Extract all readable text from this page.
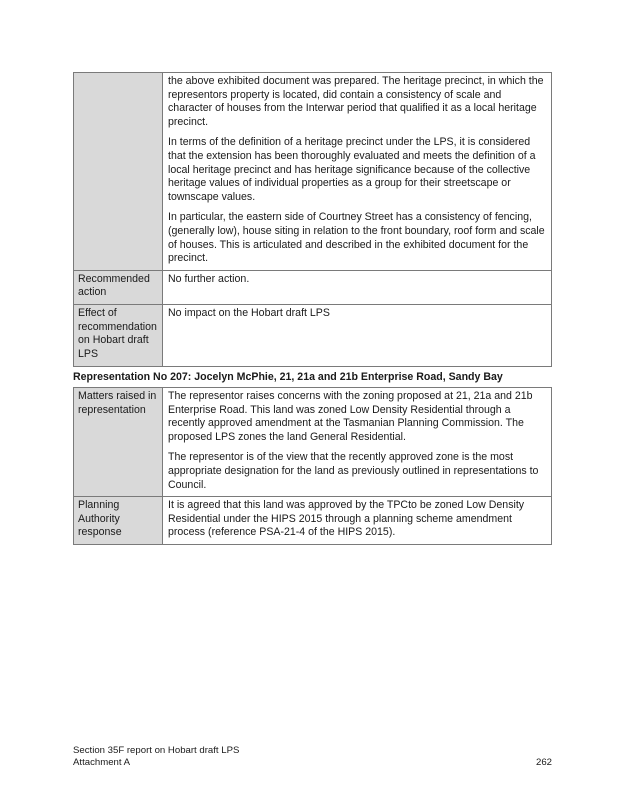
	the above exhibited document was prepared. The heritage precinct, in which the representors property is located, did contain a consistency of scale and character of houses from the Interwar period that qualified it as a local heritage precinct.

In terms of the definition of a heritage precinct under the LPS, it is considered that the extension has been thoroughly evaluated and meets the definition of a local heritage precinct and has heritage significance because of the collective heritage values of individual properties as a group for their streetscape or townscape values.

In particular, the eastern side of Courtney Street has a consistency of fencing, (generally low), house siting in relation to the front boundary, roof form and scale of houses. This is articulated and described in the exhibited document for the precinct.

Recommended action	No further action.
Effect of recommendation on Hobart draft LPS	No impact on the Hobart draft LPS
Representation No 207: Jocelyn McPhie, 21, 21a and 21b Enterprise Road, Sandy Bay
Matters raised in representation	The representor raises concerns with the zoning proposed at 21, 21a and 21b Enterprise Road. This land was zoned Low Density Residential through a recently approved amendment at the Tasmanian Planning Commission. The proposed LPS zones the land General Residential.

The representor is of the view that the recently approved zone is the most appropriate designation for the land as previously outlined in representations to Council.

Planning Authority response	It is agreed that this land was approved by the TPCto be zoned Low Density Residential under the HIPS 2015 through a planning scheme amendment process (reference PSA-21-4 of the HIPS 2015).
Section 35F report on Hobart draft LPS
Attachment A	262
